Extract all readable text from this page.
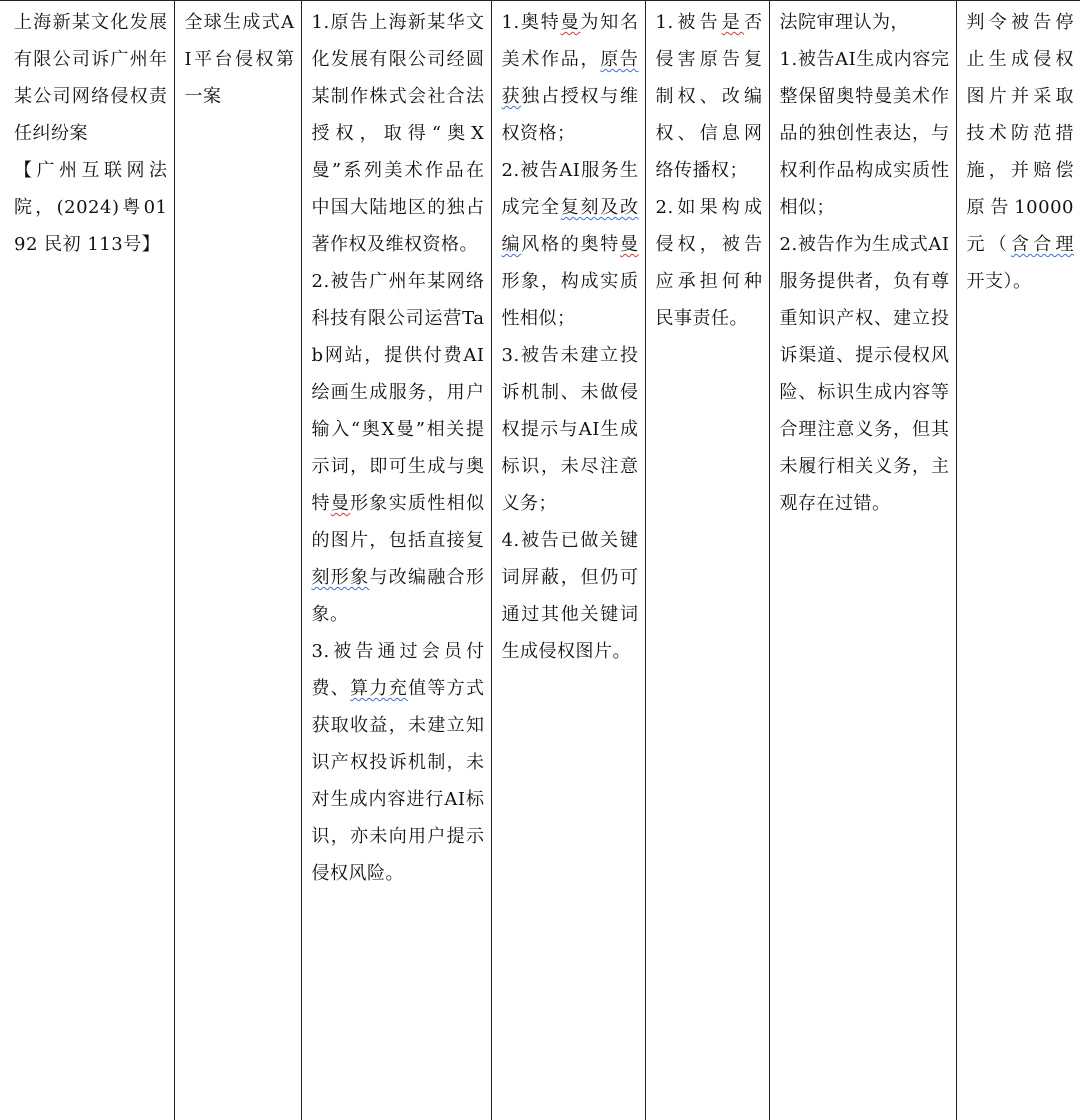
上海新某文化发展有限公司诉广州年某公司网络侵权责任纠纷案
【广州互联网法院，(2024)粤0192 民初 113号】

全球生成式AI平台侵权第一案

1.原告上海新某华文化发展有限公司经圆某制作株式会社合法授权，取得“奥X曼”系列美术作品在中国大陆地区的独占著作权及维权资格。
2.被告广州年某网络科技有限公司运营Tab网站，提供付费AI绘画生成服务，用户输入“奥X曼”相关提示词，即可生成与奥特曼形象实质性相似的图片，包括直接复刻形象与改编融合形象。
3.被告通过会员付费、算力充值等方式获取收益，未建立知识产权投诉机制，未对生成内容进行AI标识，亦未向用户提示侵权风险。

1.奥特曼为知名美术作品，原告获独占授权与维权资格；
2.被告AI服务生成完全复刻及改编风格的奥特曼形象，构成实质性相似；
3.被告未建立投诉机制、未做侵权提示与AI生成标识，未尽注意义务；
4.被告已做关键词屏蔽，但仍可通过其他关键词生成侵权图片。

1.被告是否侵害原告复制权、改编权、信息网络传播权；
2.如果构成侵权，被告应承担何种民事责任。

法院审理认为，
1.被告AI生成内容完整保留奥特曼美术作品的独创性表达，与权利作品构成实质性相似；
2.被告作为生成式AI服务提供者，负有尊重知识产权、建立投诉渠道、提示侵权风险、标识生成内容等合理注意义务，但其未履行相关义务，主观存在过错。

判令被告停止生成侵权图片并采取技术防范措施，并赔偿原告10000元（含合理开支）。
